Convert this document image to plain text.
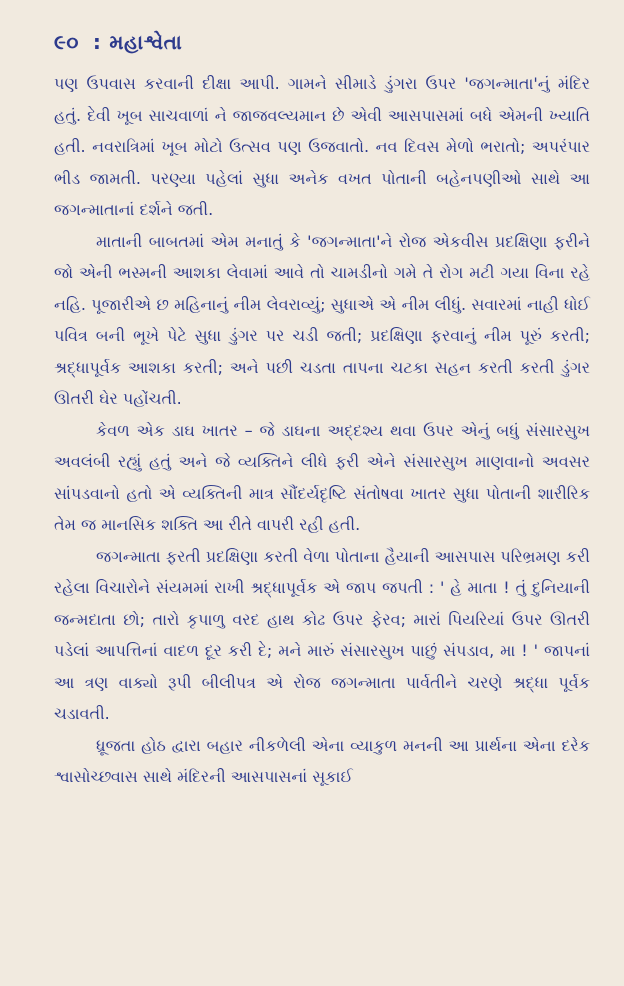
૯૦ : મહાશ્વેતા

પણ ઉપવાસ કરવાની દીક્ષા આપી. ગામને સીમાડે ડુંગરા ઉપર 'જગન્માતા'નું મંદિર હતું. દેવી ખૂબ સાચવાળાં ને જાજવલ્યમાન છે એવી આસપાસમાં બધે એમની ખ્યાતિ હતી. નવરાત્રિમાં ખૂબ મોટો ઉત્સવ પણ ઉજવાતો. નવ દિવસ મેળો ભરાતો; અપરંપાર ભીડ જામતી. પરણ્યા પહેલાં સુધા અનેક વખત પોતાની બહેનપણીઓ સાથે આ જગન્માતાનાં દર્શને જતી.

માતાની બાબતમાં એમ મનાતું કે 'જગન્માતા'ને રોજ એકવીસ પ્રદક્ષિણા ફરીને જો એની ભસ્મની આશકા લેવામાં આવે તો ચામડીનો ગમે તે રોગ મટી ગયા વિના રહે નહિ. પૂજારીએ છ મહિનાનું નીમ લેવરાવ્યું; સુધાએ એ નીમ લીધું. સવારમાં નાહી ધોઈ પવિત્ર બની ભૂખે પેટે સુધા ડુંગર પર ચડી જતી; પ્રદક્ષિણા ફરવાનું નીમ પૂરું કરતી; શ્રદ્ધાપૂર્વક આશકા કરતી; અને પછી ચડતા તાપના ચટકા સહન કરતી કરતી ડુંગર ઊતરી ઘેર પહોંચતી.

કેવળ એક ડાઘ ખાતર – જે ડાઘના અદ્દશ્ય થવા ઉપર એનું બધું સંસારસુખ અવલંબી રહ્યું હતું અને જે વ્યક્તિને લીધે ફરી એને સંસારસુખ માણવાનો અવસર સાંપડવાનો હતો એ વ્યક્તિની માત્ર સૌંદર્યદૃષ્ટિ સંતોષવા ખાતર સુધા પોતાની શારીરિક તેમ જ માનસિક શક્તિ આ રીતે વાપરી રહી હતી.

જગન્માતા ફરતી પ્રદક્ષિણા કરતી વેળા પોતાના હૈયાની આસપાસ પરિભ્રમણ કરી રહેલા વિચારોને સંયમમાં રાખી શ્રદ્ધાપૂર્વક એ જાપ જપતી : ' હે માતા ! તું દુનિયાની જન્મદાતા છો; તારો કૃપાળુ વરદ હાથ કોઢ ઉપર ફેરવ; મારાં પિયરિયાં ઉપર ઊતરી પડેલાં આપત્તિનાં વાદળ દૂર કરી દે; મને મારું સંસારસુખ પાછું સંપડાવ, મા ! ' જાપનાં આ ત્રણ વાક્યો રૂપી બીલીપત્ર એ રોજ જગન્માતા પાર્વતીને ચરણે શ્રદ્ધા પૂર્વક ચડાવતી.

ધ્રૂજતા હોઠ દ્વારા બહાર નીકળેલી એના વ્યાકુળ મનની આ પ્રાર્થના એના દરેક શ્વાસોચ્છ્વાસ સાથે મંદિરની આસપાસનાં સૂકાઈ
